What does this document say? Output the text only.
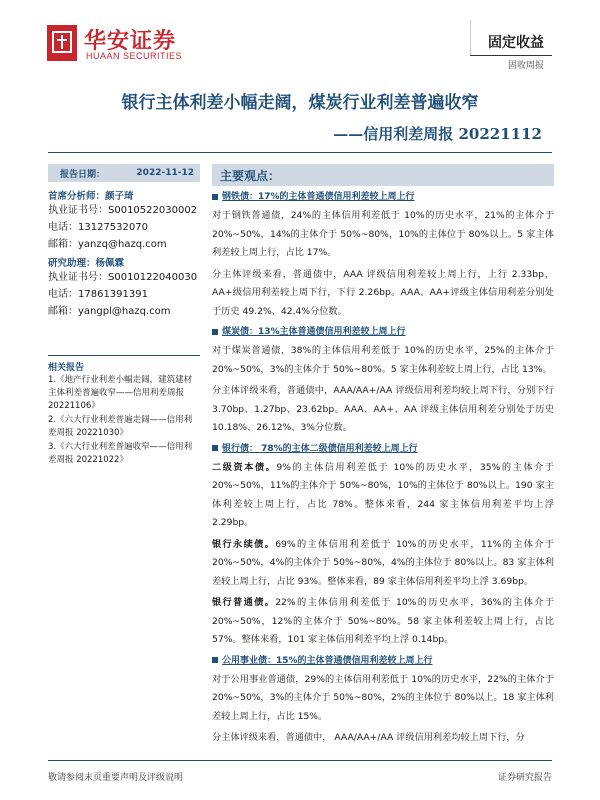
华安证券
HUAAN SECURITIES
固定收益
固收周报
银行主体利差小幅走阔，煤炭行业利差普遍收窄
——信用利差周报 20221112
报告日期：	2022-11-12
首席分析师：颜子琦
执业证书号：S0010522030002
电话：13127532070
邮箱：yanzq@hazq.com
研究助理：杨佩霖
执业证书号：S0010122040030
电话：17861391391
邮箱：yangpl@hazq.com
相关报告
1.《地产行业利差小幅走阔，建筑建材主体利差普遍收窄——信用利差周报 20221106》
2.《六大行业利差普遍走阔——信用利差周报 20221030》
3.《六大行业利差普遍收窄——信用利差周报 20221022》
主要观点：
钢铁债：17%的主体普通债信用利差较上周上行
对于钢铁普通债，24%的主体信用利差低于 10%的历史水平，21%的主体介于 20%~50%，14%的主体介于 50%~80%，10%的主体位于 80%以上。5 家主体利差较上周上行，占比 17%。
分主体评级来看，普通债中，AAA 评级信用利差较上周上行，上行 2.33bp，AA+级信用利差较上周下行，下行 2.26bp。AAA、AA+评级主体信用利差分别处于历史 49.2%、42.4%分位数。
煤炭债：13%主体普通债信用利差较上周上行
对于煤炭普通债，38%的主体信用利差低于 10%的历史水平，25%的主体介于 20%~50%，3%的主体介于 50%~80%。5 家主体利差较上周上行，占比 13%。
分主体评级来看，普通债中，AAA/AA+/AA 评级信用利差均较上周下行，分别下行 3.70bp、1.27bp、23.62bp。AAA、AA+、AA 评级主体信用利差分别处于历史 10.18%、26.12%、3%分位数。
银行债： 78%的主体二级债信用利差较上周上行
二级资本债。9%的主体信用利差低于 10%的历史水平，35%的主体介于 20%~50%，11%的主体介于 50%~80%，10%的主体位于 80%以上。190 家主体利差较上周上行，占比 78%。整体来看，244 家主体信用利差平均上浮 2.29bp。
银行永续债。69%的主体信用利差低于 10%的历史水平，11%的主体介于 20%~50%，4%的主体介于 50%~80%，4%的主体位于 80%以上。83 家主体利差较上周上行，占比 93%。整体来看，89 家主体信用利差平均上浮 3.69bp。
银行普通债。22%的主体信用利差低于 10%的历史水平，36%的主体介于 20%~50%，12%的主体介于 50%~80%。58 家主体利差较上周上行，占比 57%。整体来看，101 家主体信用利差平均上浮 0.14bp。
公用事业债：15%的主体普通债信用利差较上周上行
对于公用事业普通债，29%的主体信用利差低于 10%的历史水平，22%的主体介于 20%~50%，3%的主体介于 50%~80%，2%的主体位于 80%以上。18 家主体利差较上周上行，占比 15%。
分主体评级来看，普通债中， AAA/AA+/AA 评级信用利差均较上周下行，分
敬请参阅末页重要声明及评级说明	证券研究报告
